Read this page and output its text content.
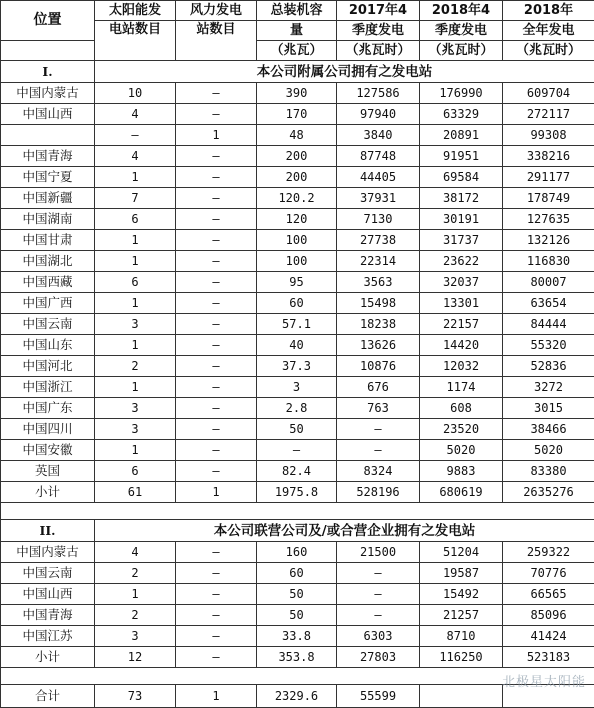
位置	太阳能发	风力发电	总装机容	2017年4	2018年4	2018年
	电站数目	站数目	量	季度发电	季度发电	全年发电
			（兆瓦）	（兆瓦时）	（兆瓦时）	（兆瓦时）
I.	本公司附属公司拥有之发电站					
中国内蒙古	10	–	390	127586	176990	609704
中国山西	4	–	170	97940	63329	272117
	–	1	48	3840	20891	99308
中国青海	4	–	200	87748	91951	338216
中国宁夏	1	–	200	44405	69584	291177
中国新疆	7	–	120.2	37931	38172	178749
中国湖南	6	–	120	7130	30191	127635
中国甘肃	1	–	100	27738	31737	132126
中国湖北	1	–	100	22314	23622	116830
中国西藏	6	–	95	3563	32037	80007
中国广西	1	–	60	15498	13301	63654
中国云南	3	–	57.1	18238	22157	84444
中国山东	1	–	40	13626	14420	55320
中国河北	2	–	37.3	10876	12032	52836
中国浙江	1	–	3	676	1174	3272
中国广东	3	–	2.8	763	608	3015
中国四川	3	–	50	–	23520	38466
中国安徽	1	–	–	–	5020	5020
英国	6	–	82.4	8324	9883	83380
小计	61	1	1975.8	528196	680619	2635276

II.	本公司联营公司及/或合营企业拥有之发电站					
中国内蒙古	4	–	160	21500	51204	259322
中国云南	2	–	60	–	19587	70776
中国山西	1	–	50	–	15492	66565
中国青海	2	–	50	–	21257	85096
中国江苏	3	–	33.8	6303	8710	41424
小计	12	–	353.8	27803	116250	523183

合计	73	1	2329.6	55599		
北极星太阳能
